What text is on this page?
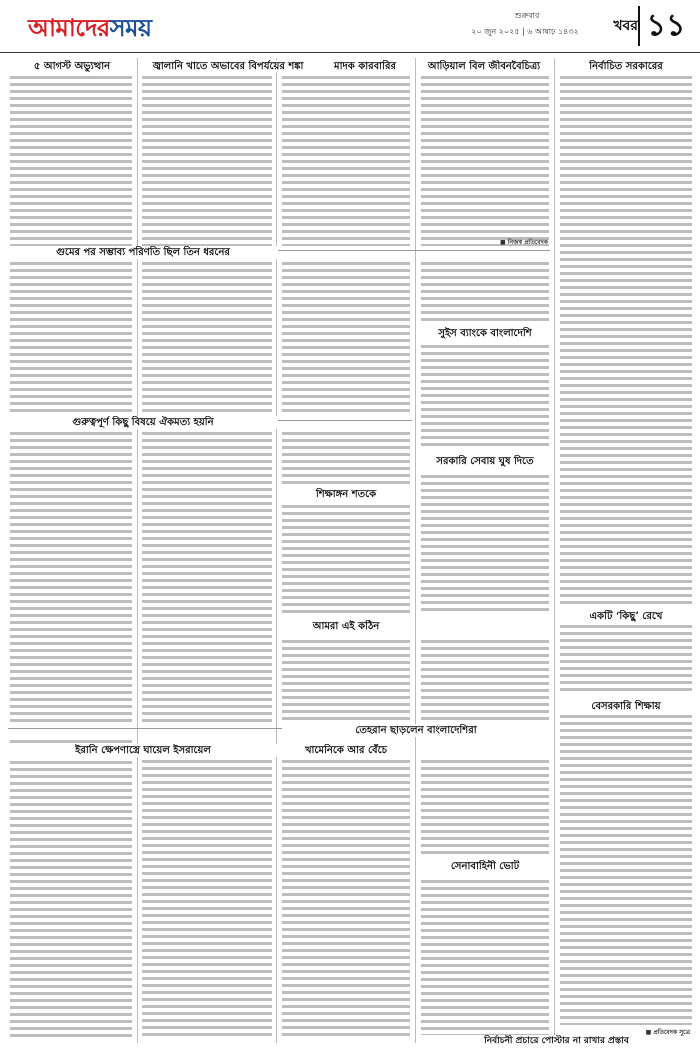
আমাদেরসময়	শুক্রবার
২০ জুন ২০২৫ | ৬ আষাঢ় ১৪৩২	খবর ১১
৫ আগস্ট অভ্যুত্থান	জ্বালানি খাতে অভাবের বিপর্যয়ের শঙ্কা	মাদক কারবারির	আড়িয়াল বিল জীবনবৈচিত্র্য	নির্বাচিত সরকারের
গুমের পর সম্ভাব্য পরিণতি ছিল তিন ধরনের
■ নিজস্ব প্রতিবেদক
সুইস ব্যাংকে বাংলাদেশি
গুরুত্বপূর্ণ কিছু বিষয়ে ঐকমত্য হয়নি
শিক্ষাঙ্গন শতকে
সরকারি সেবায় ঘুষ দিতে
একটি ‘কিছু’ রেখে
আমরা এই কঠিন
বেসরকারি শিক্ষায়
তেহরান ছাড়লেন বাংলাদেশিরা
খামেনিকে আর বেঁচে
ইরানি ক্ষেপণাস্ত্রে ঘায়েল ইসরায়েল
সেনাবাহিনী ভোট
নির্বাচনী প্রচারে পোস্টার না রাখার প্রস্তাব
■ প্রতিবেদক সুত্রে
